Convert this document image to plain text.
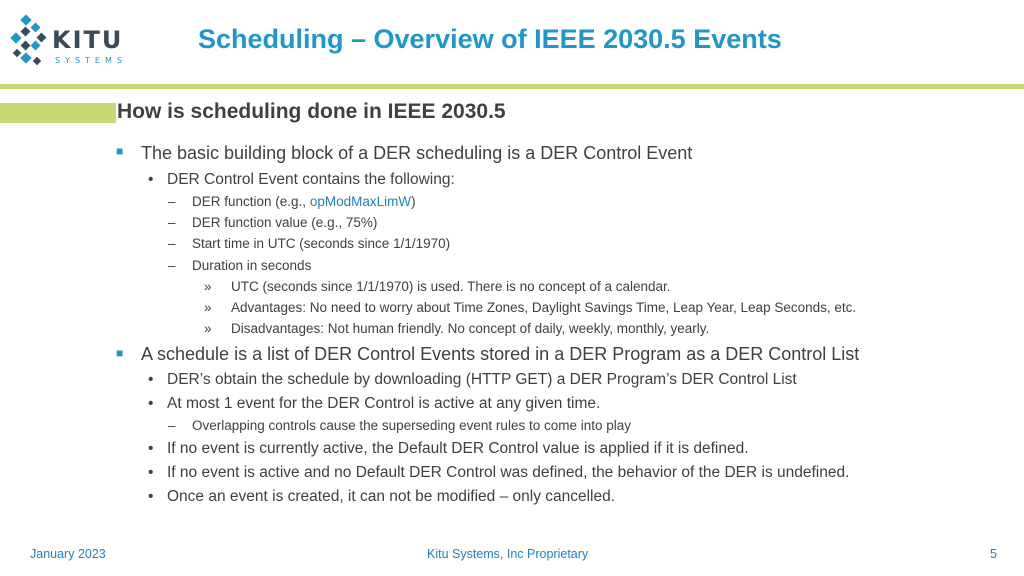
KITU
SYSTEMS
Scheduling – Overview of IEEE 2030.5 Events
How is scheduling done in IEEE 2030.5
■ The basic building block of a DER scheduling is a DER Control Event
• DER Control Event contains the following:
– DER function (e.g., opModMaxLimW)
– DER function value (e.g., 75%)
– Start time in UTC (seconds since 1/1/1970)
– Duration in seconds
» UTC (seconds since 1/1/1970) is used. There is no concept of a calendar.
» Advantages: No need to worry about Time Zones, Daylight Savings Time, Leap Year, Leap Seconds, etc.
» Disadvantages: Not human friendly. No concept of daily, weekly, monthly, yearly.
■ A schedule is a list of DER Control Events stored in a DER Program as a DER Control List
• DER’s obtain the schedule by downloading (HTTP GET) a DER Program’s DER Control List
• At most 1 event for the DER Control is active at any given time.
– Overlapping controls cause the superseding event rules to come into play
• If no event is currently active, the Default DER Control value is applied if it is defined.
• If no event is active and no Default DER Control was defined, the behavior of the DER is undefined.
• Once an event is created, it can not be modified – only cancelled.
January 2023	Kitu Systems, Inc Proprietary	5
